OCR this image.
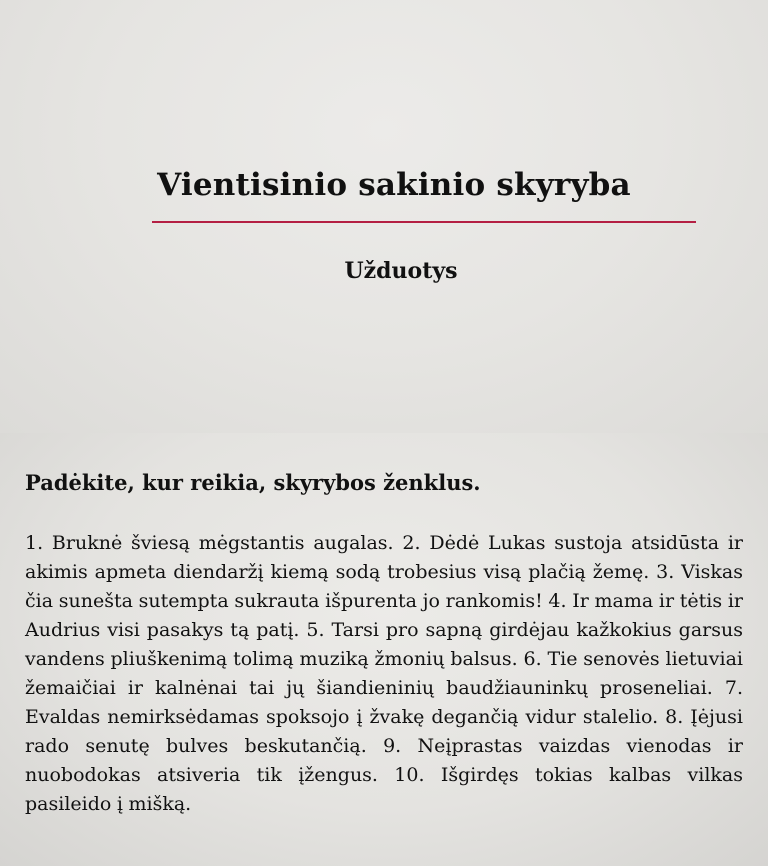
Vientisinio sakinio skyryba
Užduotys
Padėkite, kur reikia, skyrybos ženklus.

1. Bruknė šviesą mėgstantis augalas. 2. Dėdė Lukas sustoja atsidūsta ir akimis apmeta diendaržį kiemą sodą trobesius visą plačią žemę. 3. Viskas čia sunešta sutempta sukrauta išpurenta jo rankomis! 4. Ir mama ir tėtis ir Audrius visi pasakys tą patį. 5. Tarsi pro sapną girdėjau kažkokius garsus vandens pliuškenimą tolimą muziką žmonių balsus. 6. Tie senovės lietuviai žemaičiai ir kalnėnai tai jų šiandieninių baudžiauninkų proseneliai. 7. Evaldas nemirksėdamas spoksojo į žvakę degančią vidur stalelio. 8. Įėjusi rado senutę bulves beskutančią. 9. Neįprastas vaizdas vienodas ir nuobodokas atsiveria tik įžengus. 10. Išgirdęs tokias kalbas vilkas pasileido į mišką.
